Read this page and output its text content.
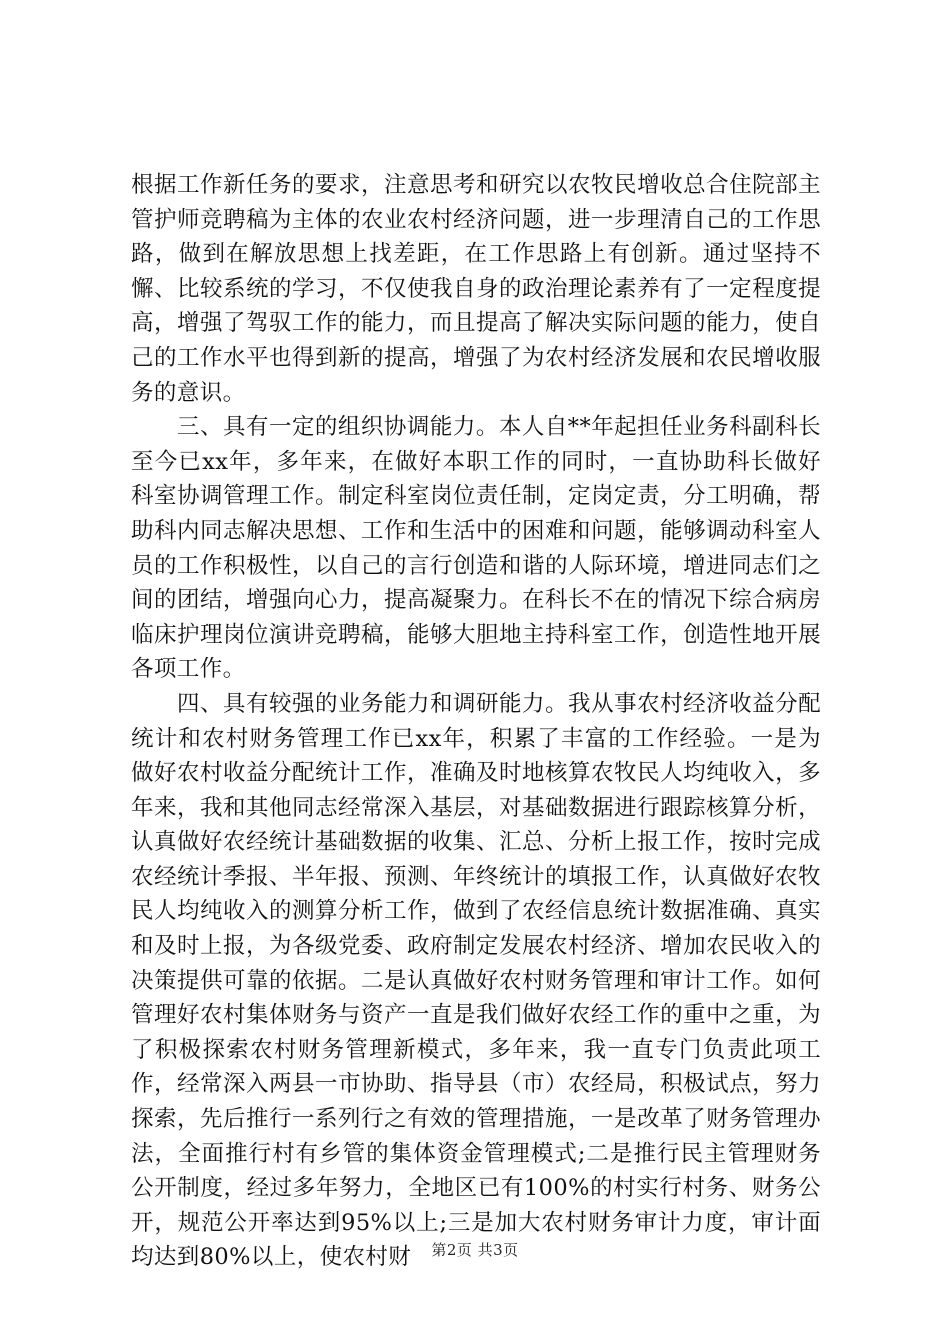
根据工作新任务的要求，注意思考和研究以农牧民增收总合住院部主管护师竞聘稿为主体的农业农村经济问题，进一步理清自己的工作思路，做到在解放思想上找差距，在工作思路上有创新。通过坚持不懈、比较系统的学习，不仅使我自身的政治理论素养有了一定程度提高，增强了驾驭工作的能力，而且提高了解决实际问题的能力，使自己的工作水平也得到新的提高，增强了为农村经济发展和农民增收服务的意识。

三、具有一定的组织协调能力。本人自**年起担任业务科副科长至今已xx年，多年来，在做好本职工作的同时，一直协助科长做好科室协调管理工作。制定科室岗位责任制，定岗定责，分工明确，帮助科内同志解决思想、工作和生活中的困难和问题，能够调动科室人员的工作积极性，以自己的言行创造和谐的人际环境，增进同志们之间的团结，增强向心力，提高凝聚力。在科长不在的情况下综合病房临床护理岗位演讲竞聘稿，能够大胆地主持科室工作，创造性地开展各项工作。

四、具有较强的业务能力和调研能力。我从事农村经济收益分配统计和农村财务管理工作已xx年，积累了丰富的工作经验。一是为做好农村收益分配统计工作，准确及时地核算农牧民人均纯收入，多年来，我和其他同志经常深入基层，对基础数据进行跟踪核算分析，认真做好农经统计基础数据的收集、汇总、分析上报工作，按时完成农经统计季报、半年报、预测、年终统计的填报工作，认真做好农牧民人均纯收入的测算分析工作，做到了农经信息统计数据准确、真实和及时上报，为各级党委、政府制定发展农村经济、增加农民收入的决策提供可靠的依据。二是认真做好农村财务管理和审计工作。如何管理好农村集体财务与资产一直是我们做好农经工作的重中之重，为了积极探索农村财务管理新模式，多年来，我一直专门负责此项工作，经常深入两县一市协助、指导县（市）农经局，积极试点，努力探索，先后推行一系列行之有效的管理措施，一是改革了财务管理办法，全面推行村有乡管的集体资金管理模式;二是推行民主管理财务公开制度，经过多年努力，全地区已有100%的村实行村务、财务公开，规范公开率达到95%以上;三是加大农村财务审计力度，审计面均达到80%以上，使农村财	第2页 共3页
